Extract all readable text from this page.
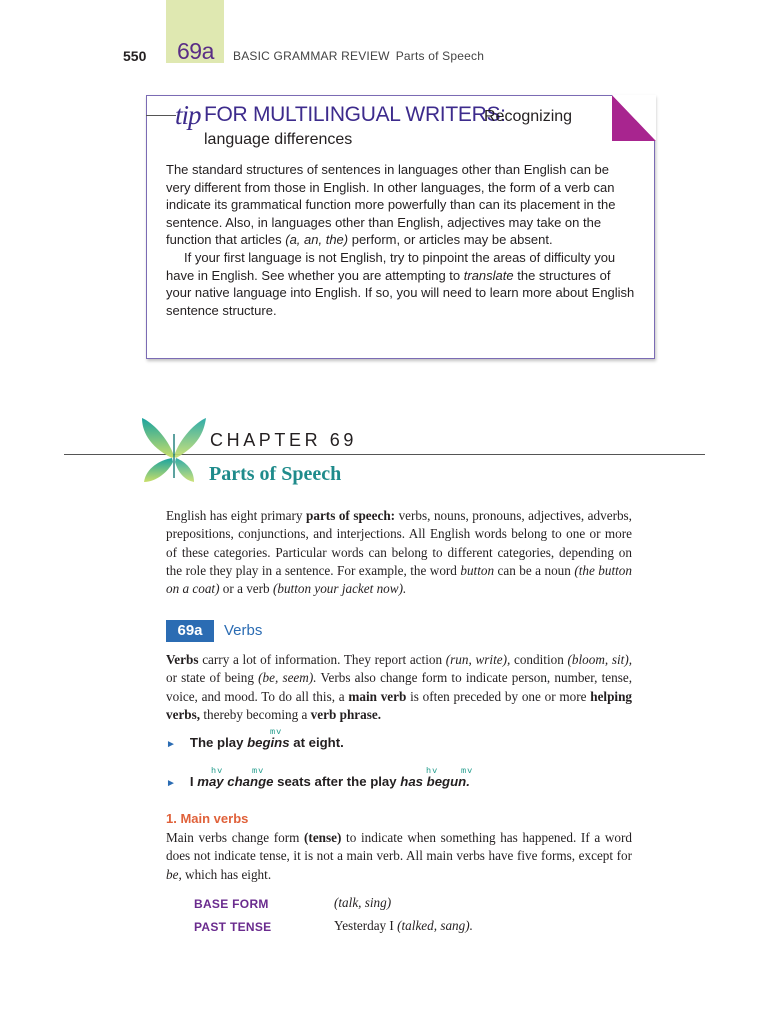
550 69a BASIC GRAMMAR REVIEW Parts of Speech
tip FOR MULTILINGUAL WRITERS:
Recognizing
language differences

The standard structures of sentences in languages other than English can be very different from those in English. In other languages, the form of a verb can indicate its grammatical function more powerfully than can its placement in the sentence. Also, in languages other than English, adjectives may take on the function that articles (a, an, the) perform, or articles may be absent.

If your first language is not English, try to pinpoint the areas of difficulty you have in English. See whether you are attempting to translate the structures of your native language into English. If so, you will need to learn more about English sentence structure.

CHAPTER 69
Parts of Speech

English has eight primary parts of speech: verbs, nouns, pronouns, adjectives, adverbs, prepositions, conjunctions, and interjections. All English words belong to one or more of these categories. Particular words can belong to different categories, depending on the role they play in a sentence. For example, the word button can be a noun (the button on a coat) or a verb (button your jacket now).

69a	Verbs

Verbs carry a lot of information. They report action (run, write), condition (bloom, sit), or state of being (be, seem). Verbs also change form to indicate person, number, tense, voice, and mood. To do all this, a main verb is often preceded by one or more helping verbs, thereby becoming a verb phrase.

mv
► The play begins at eight.
hv	mv	hv	mv
► I may change seats after the play has begun.
1. Main verbs

Main verbs change form (tense) to indicate when something has happened. If a word does not indicate tense, it is not a main verb. All main verbs have five forms, except for be, which has eight.

BASE FORM	(talk, sing)
PAST TENSE	Yesterday I (talked, sang).
